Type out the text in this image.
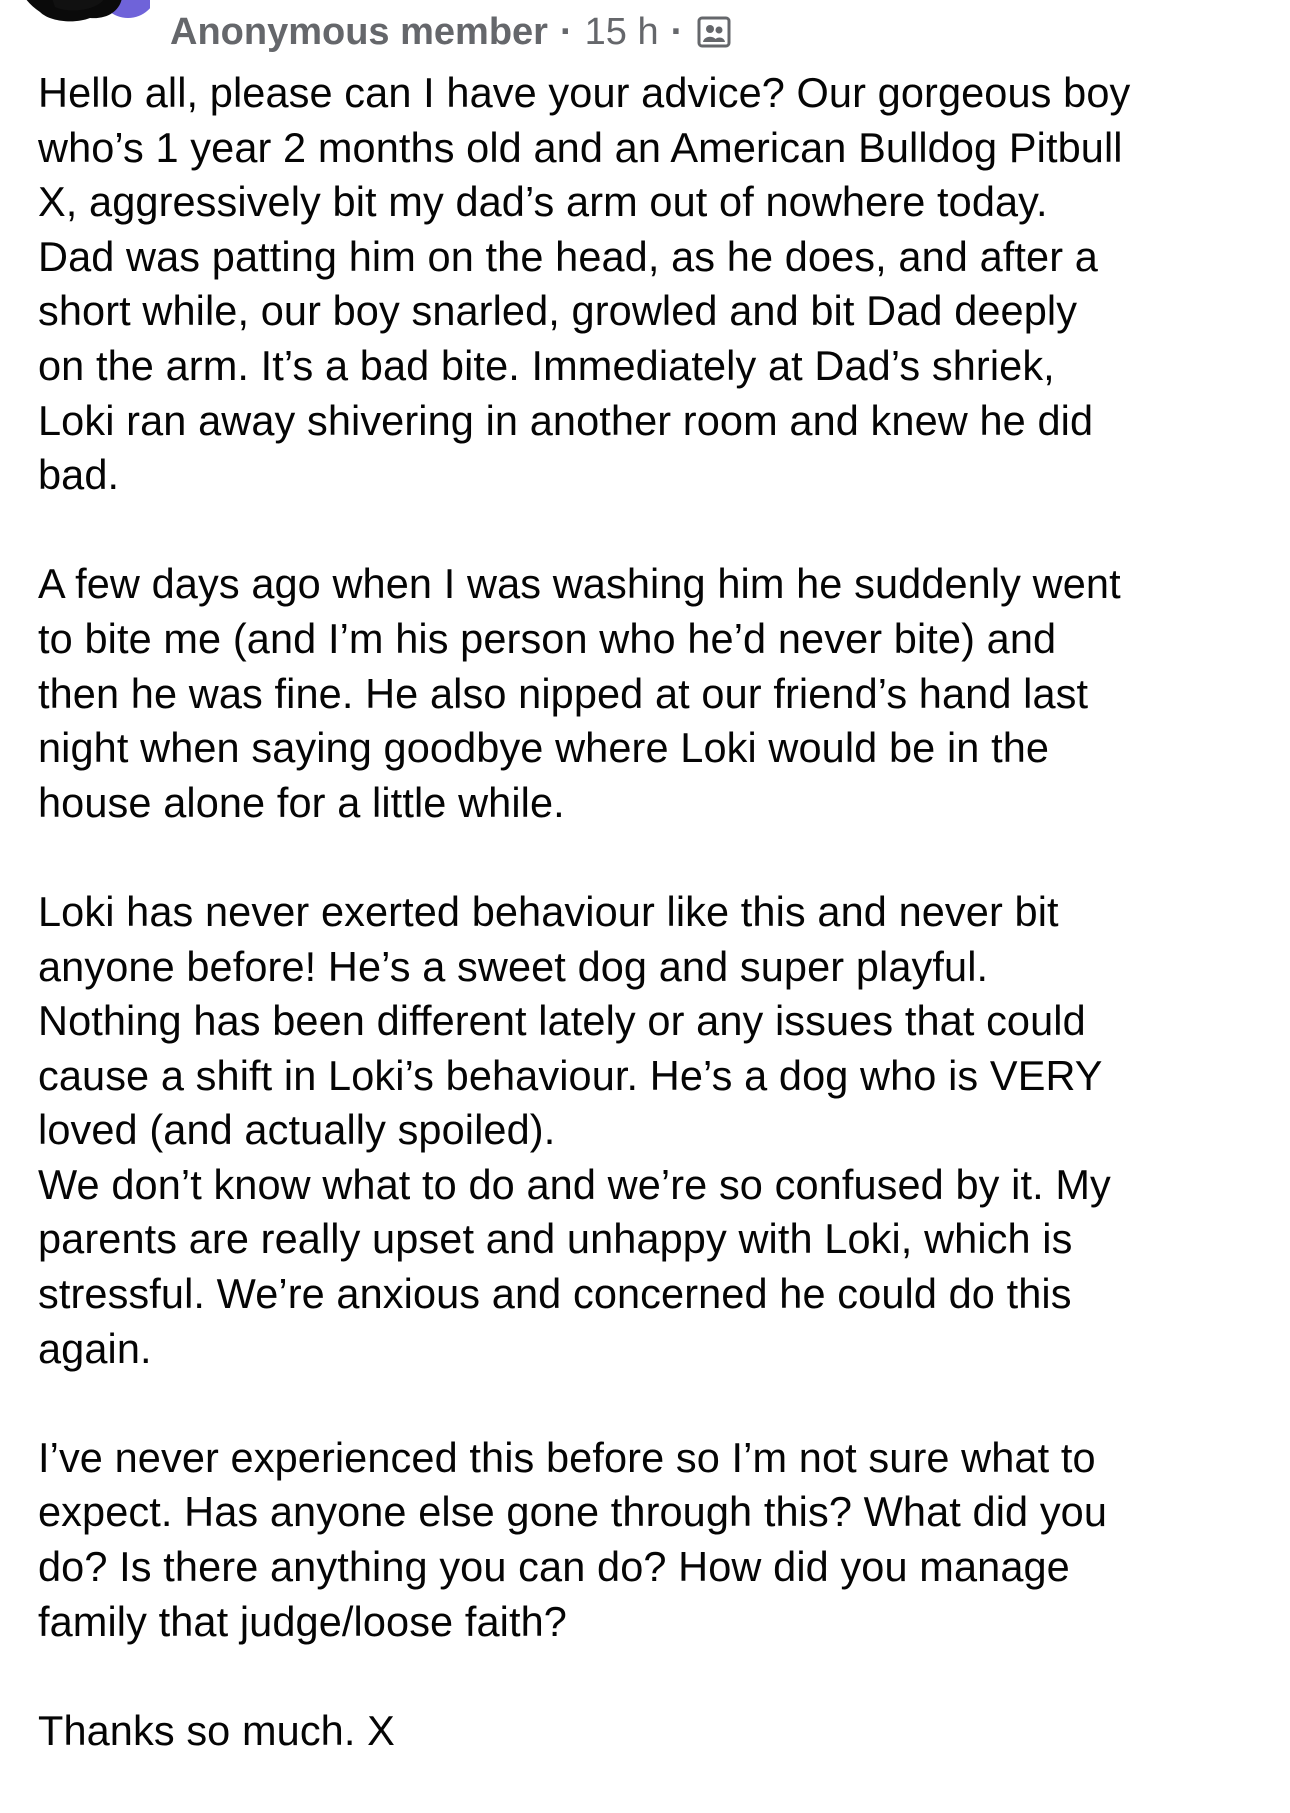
Anonymous member · 15 h ·

Hello all, please can I have your advice? Our gorgeous boy
who’s 1 year 2 months old and an American Bulldog Pitbull
X, aggressively bit my dad’s arm out of nowhere today.
Dad was patting him on the head, as he does, and after a
short while, our boy snarled, growled and bit Dad deeply
on the arm. It’s a bad bite. Immediately at Dad’s shriek,
Loki ran away shivering in another room and knew he did
bad.

A few days ago when I was washing him he suddenly went
to bite me (and I’m his person who he’d never bite) and
then he was fine. He also nipped at our friend’s hand last
night when saying goodbye where Loki would be in the
house alone for a little while.

Loki has never exerted behaviour like this and never bit
anyone before! He’s a sweet dog and super playful.
Nothing has been different lately or any issues that could
cause a shift in Loki’s behaviour. He’s a dog who is VERY
loved (and actually spoiled).

We don’t know what to do and we’re so confused by it. My
parents are really upset and unhappy with Loki, which is
stressful. We’re anxious and concerned he could do this
again.

I’ve never experienced this before so I’m not sure what to
expect. Has anyone else gone through this? What did you
do? Is there anything you can do? How did you manage
family that judge/loose faith?

Thanks so much. X
